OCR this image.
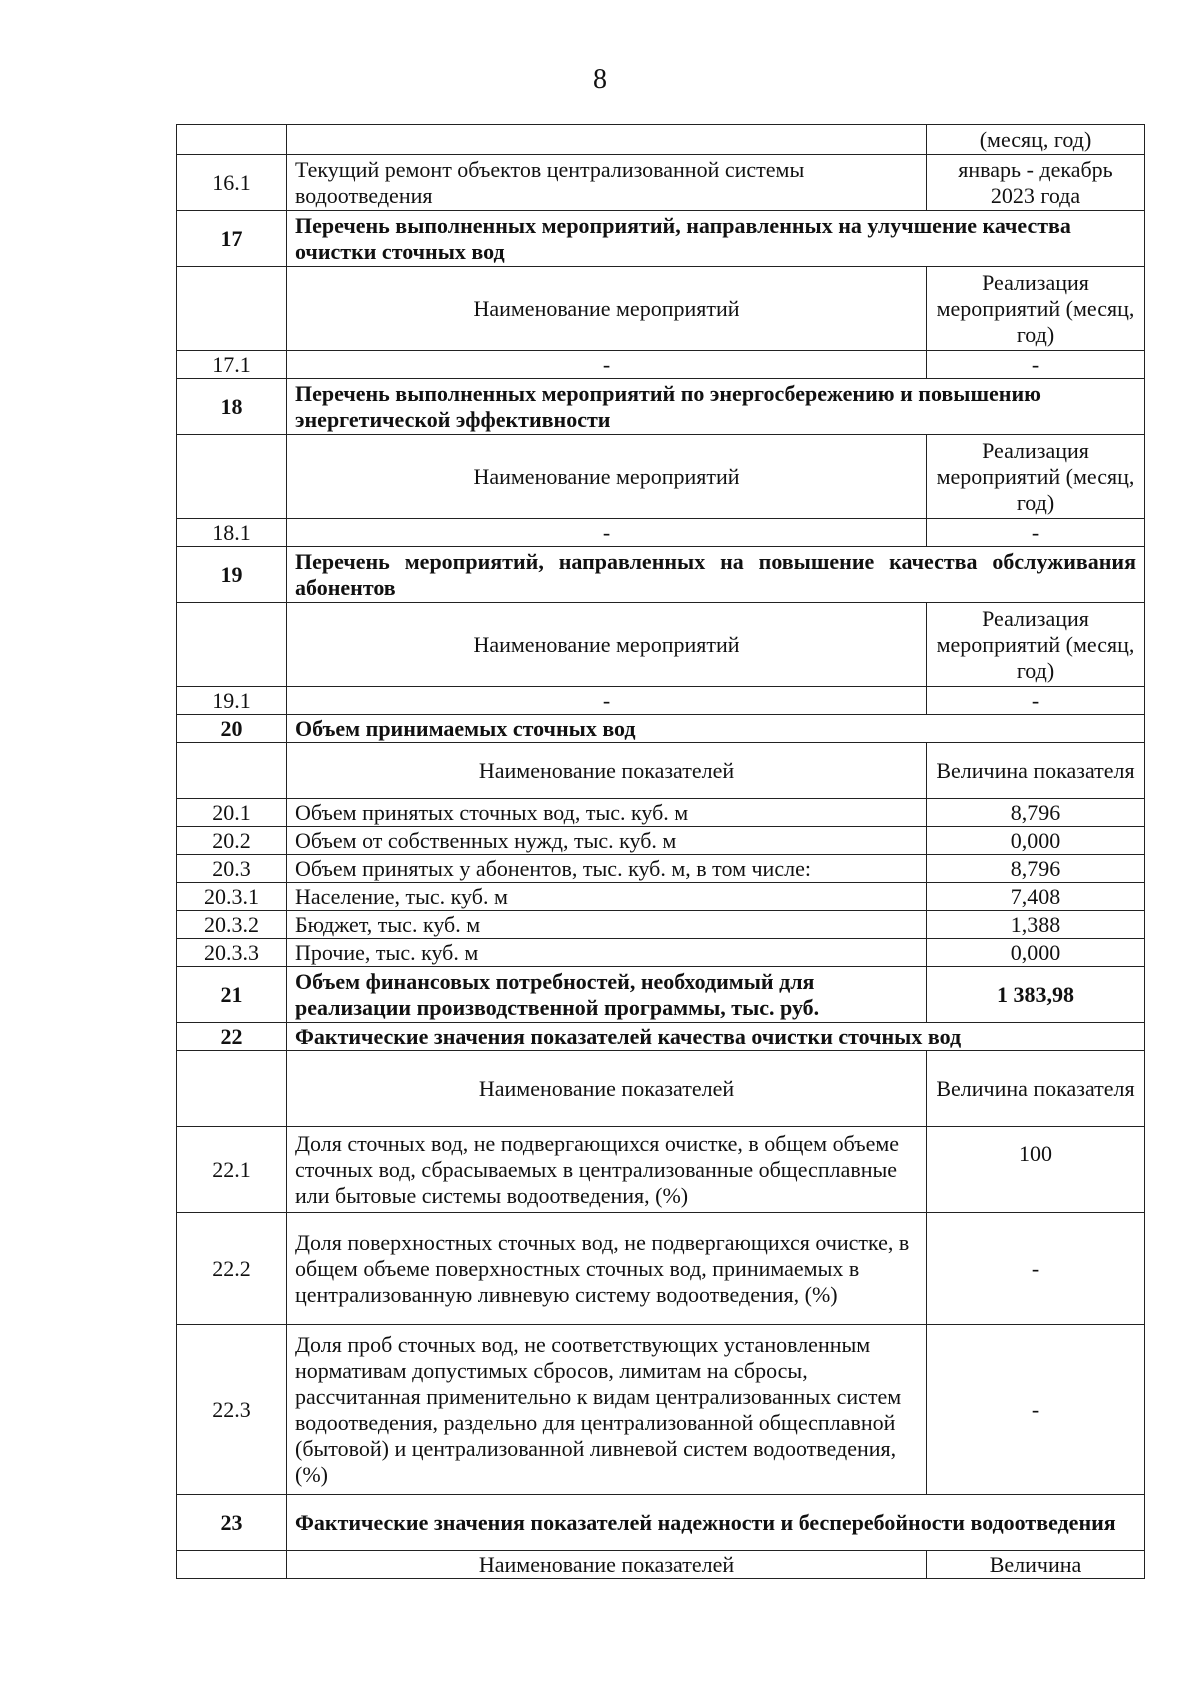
8
		(месяц, год)
16.1	Текущий ремонт объектов централизованной системы водоотведения	январь - декабрь 2023 года
17	Перечень выполненных мероприятий, направленных на улучшение качества очистки сточных вод	
	Наименование мероприятий	Реализация мероприятий (месяц, год)
17.1	-	-
18	Перечень выполненных мероприятий по энергосбережению и повышению энергетической эффективности	
	Наименование мероприятий	Реализация мероприятий (месяц, год)
18.1	-	-
19	Перечень мероприятий, направленных на повышение качества обслуживания абонентов	
	Наименование мероприятий	Реализация мероприятий (месяц, год)
19.1	-	-
20	Объем принимаемых сточных вод	
	Наименование показателей	Величина показателя
20.1	Объем принятых сточных вод, тыс. куб. м	8,796
20.2	Объем от собственных нужд, тыс. куб. м	0,000
20.3	Объем принятых у абонентов, тыс. куб. м, в том числе:	8,796
20.3.1	Население, тыс. куб. м	7,408
20.3.2	Бюджет, тыс. куб. м	1,388
20.3.3	Прочие, тыс. куб. м	0,000
21	Объем финансовых потребностей, необходимый для реализации производственной программы, тыс. руб.	1 383,98
22	Фактические значения показателей качества очистки сточных вод	
	Наименование показателей	Величина показателя
22.1	Доля сточных вод, не подвергающихся очистке, в общем объеме сточных вод, сбрасываемых в централизованные общесплавные или бытовые системы водоотведения, (%)	100
22.2	Доля поверхностных сточных вод, не подвергающихся очистке, в общем объеме поверхностных сточных вод, принимаемых в централизованную ливневую систему водоотведения, (%)	-
22.3	Доля проб сточных вод, не соответствующих установленным нормативам допустимых сбросов, лимитам на сбросы, рассчитанная применительно к видам централизованных систем водоотведения, раздельно для централизованной общесплавной (бытовой) и централизованной ливневой систем водоотведения, (%)	-
23	Фактические значения показателей надежности и бесперебойности водоотведения	
	Наименование показателей	Величина
